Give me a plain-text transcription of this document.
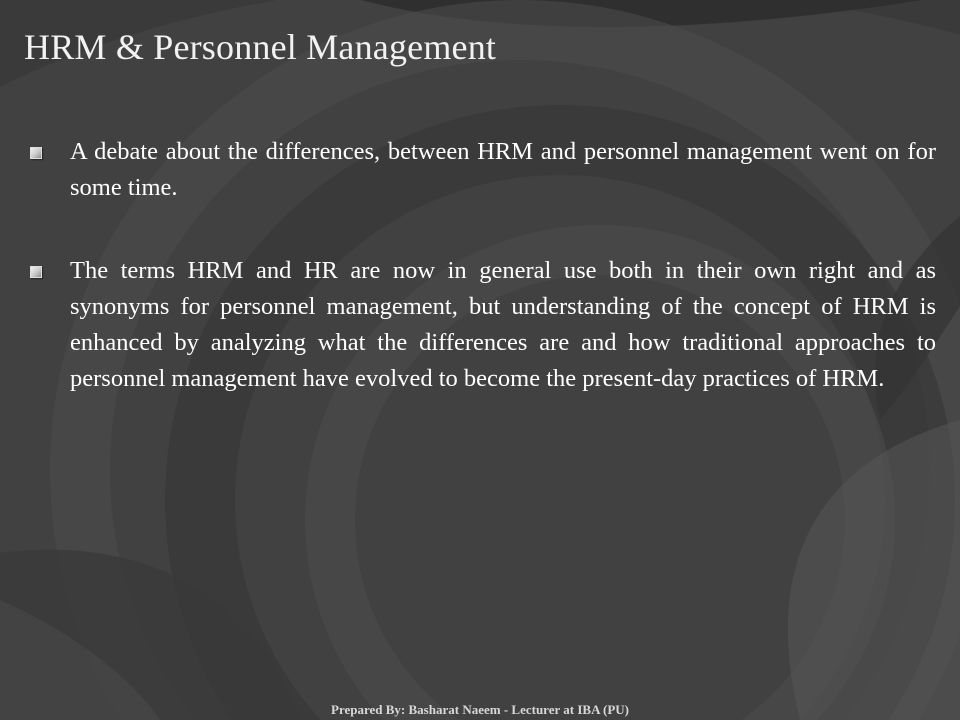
HRM & Personnel Management
A debate about the differences, between HRM and personnel management went on for some time.
The terms HRM and HR are now in general use both in their own right and as synonyms for personnel management, but understanding of the concept of HRM is enhanced by analyzing what the differences are and how traditional approaches to personnel management have evolved to become the present-day practices of HRM.
Prepared By: Basharat Naeem - Lecturer at IBA (PU)
